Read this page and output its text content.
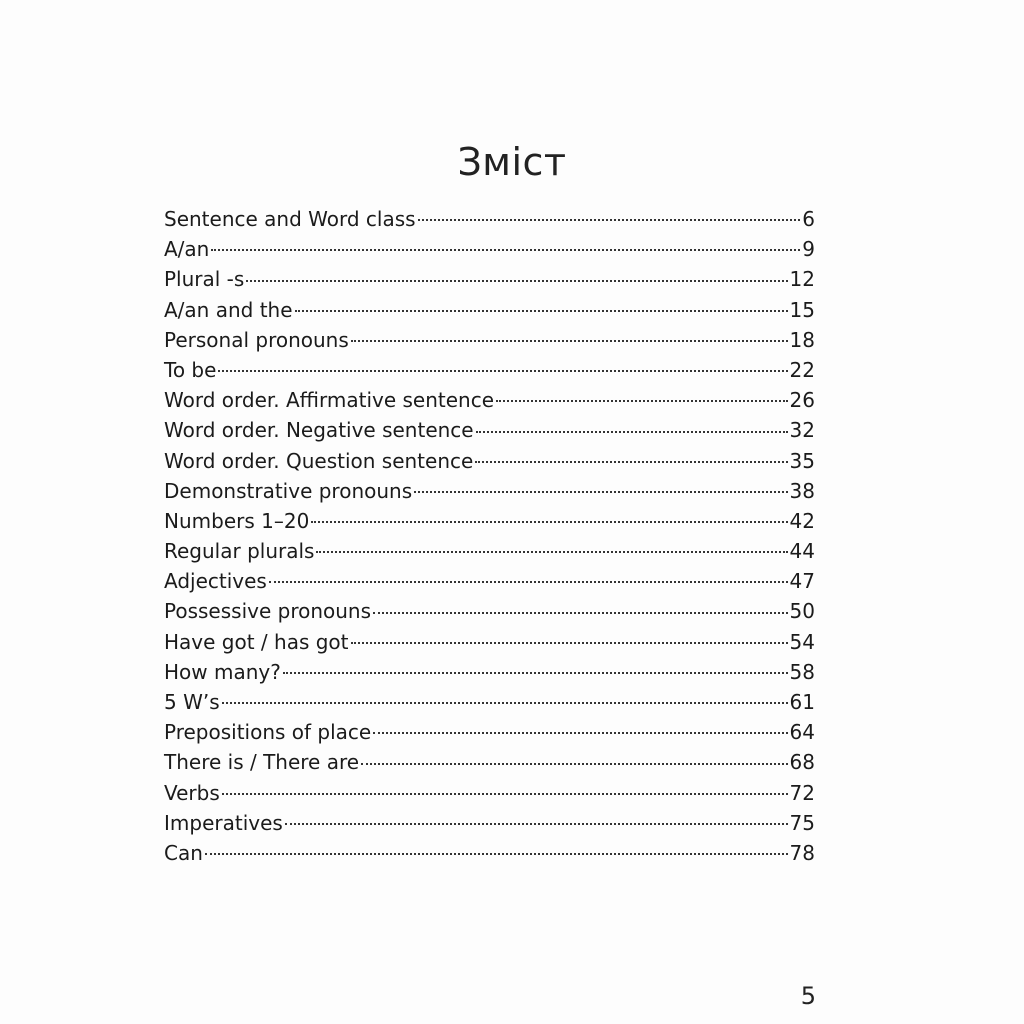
Зміст
Sentence and Word class	6
A/an	9
Plural -s	12
A/an and the	15
Personal pronouns	18
To be	22
Word order. Affirmative sentence	26
Word order. Negative sentence	32
Word order. Question sentence	35
Demonstrative pronouns	38
Numbers 1–20	42
Regular plurals	44
Adjectives	47
Possessive pronouns	50
Have got / has got	54
How many?	58
5 W’s	61
Prepositions of place	64
There is / There are	68
Verbs	72
Imperatives	75
Can	78
5
